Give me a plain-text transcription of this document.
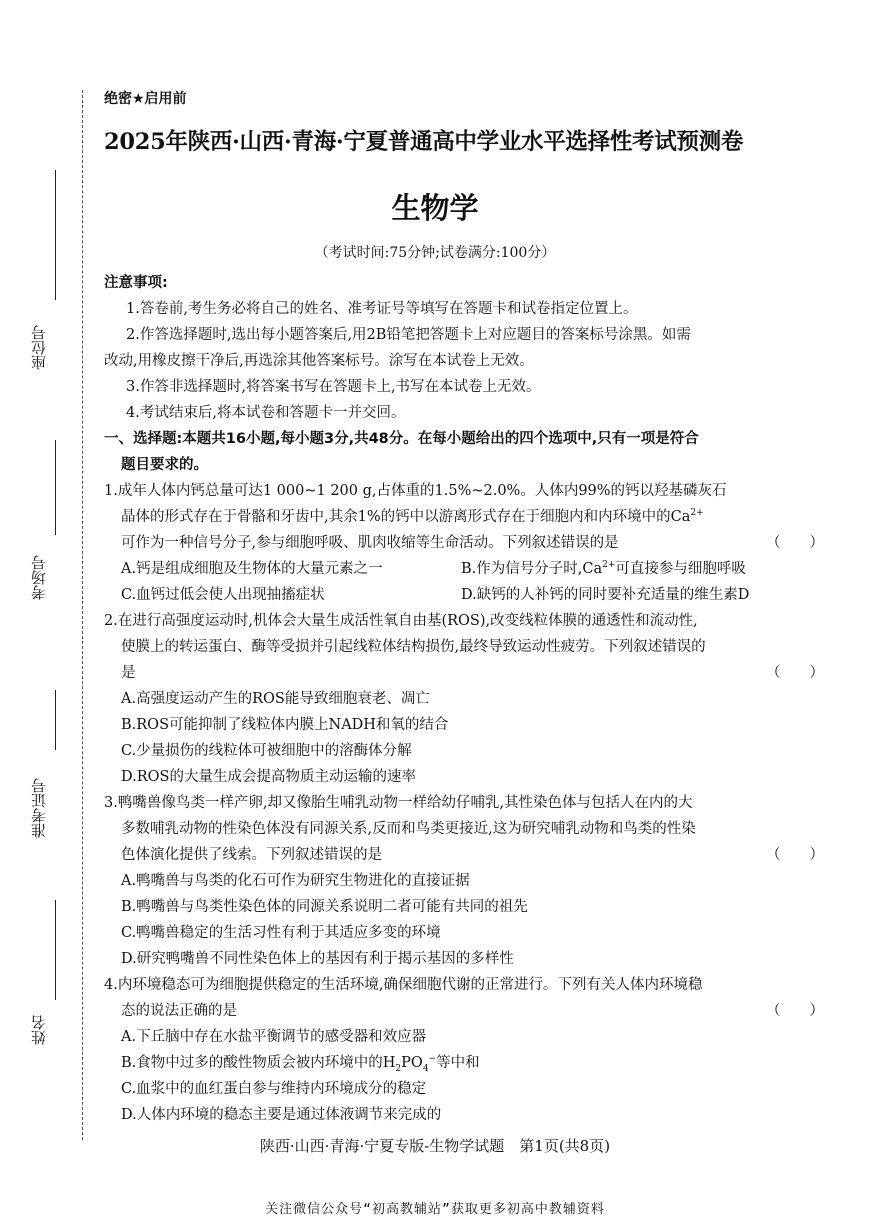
座位号
考场号
准考证号
姓名
绝密★启用前
2025年陕西·山西·青海·宁夏普通高中学业水平选择性考试预测卷
生物学
（考试时间:75分钟;试卷满分:100分）
注意事项:
1.答卷前,考生务必将自己的姓名、准考证号等填写在答题卡和试卷指定位置上。
2.作答选择题时,选出每小题答案后,用2B铅笔把答题卡上对应题目的答案标号涂黑。如需
改动,用橡皮擦干净后,再选涂其他答案标号。涂写在本试卷上无效。
3.作答非选择题时,将答案书写在答题卡上,书写在本试卷上无效。
4.考试结束后,将本试卷和答题卡一并交回。
一、选择题:本题共16小题,每小题3分,共48分。在每小题给出的四个选项中,只有一项是符合
题目要求的。
1.成年人体内钙总量可达1 000~1 200 g,占体重的1.5%~2.0%。人体内99%的钙以羟基磷灰石
晶体的形式存在于骨骼和牙齿中,其余1%的钙中以游离形式存在于细胞内和内环境中的$Ca^{2+}$
可作为一种信号分子,参与细胞呼吸、肌肉收缩等生命活动。下列叙述错误的是	（　　）
A.钙是组成细胞及生物体的大量元素之一	B.作为信号分子时$,Ca^{2+}$可直接参与细胞呼吸
C.血钙过低会使人出现抽搐症状	D.缺钙的人补钙的同时要补充适量的维生素D
2.在进行高强度运动时,机体会大量生成活性氧自由基(ROS),改变线粒体膜的通透性和流动性,
使膜上的转运蛋白、酶等受损并引起线粒体结构损伤,最终导致运动性疲劳。下列叙述错误的
是	（　　）
A.高强度运动产生的ROS能导致细胞衰老、凋亡
B.ROS可能抑制了线粒体内膜上NADH和氧的结合
C.少量损伤的线粒体可被细胞中的溶酶体分解
D.ROS的大量生成会提高物质主动运输的速率
3.鸭嘴兽像鸟类一样产卵,却又像胎生哺乳动物一样给幼仔哺乳,其性染色体与包括人在内的大
多数哺乳动物的性染色体没有同源关系,反而和鸟类更接近,这为研究哺乳动物和鸟类的性染
色体演化提供了线索。下列叙述错误的是	（　　）
A.鸭嘴兽与鸟类的化石可作为研究生物进化的直接证据
B.鸭嘴兽与鸟类性染色体的同源关系说明二者可能有共同的祖先
C.鸭嘴兽稳定的生活习性有利于其适应多变的环境
D.研究鸭嘴兽不同性染色体上的基因有利于揭示基因的多样性
4.内环境稳态可为细胞提供稳定的生活环境,确保细胞代谢的正常进行。下列有关人体内环境稳
态的说法正确的是	（　　）
A.下丘脑中存在水盐平衡调节的感受器和效应器
B.食物中过多的酸性物质会被内环境中的$H_2PO_4^-$等中和
C.血浆中的血红蛋白参与维持内环境成分的稳定
D.人体内环境的稳态主要是通过体液调节来完成的
陕西·山西·青海·宁夏专版-生物学试题　第1页(共8页)
关注微信公众号“初高教辅站”获取更多初高中教辅资料
